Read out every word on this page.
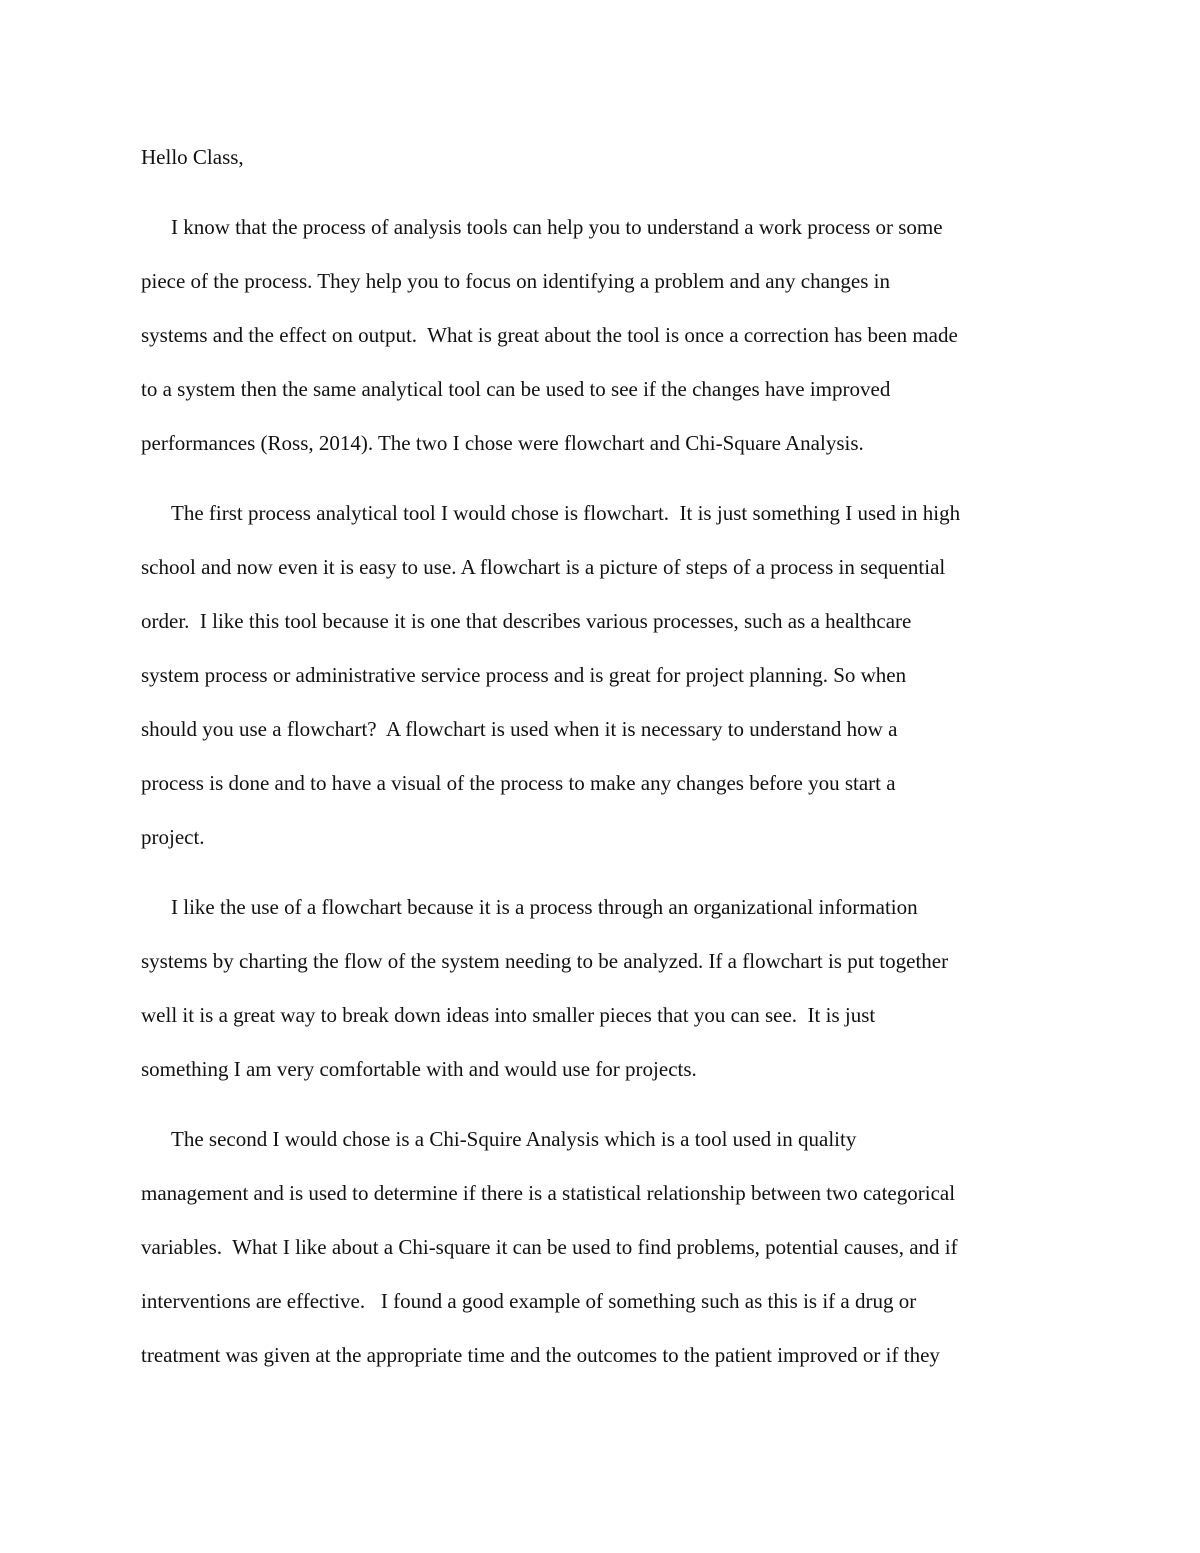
Hello Class,
I know that the process of analysis tools can help you to understand a work process or some
piece of the process. They help you to focus on identifying a problem and any changes in
systems and the effect on output.  What is great about the tool is once a correction has been made
to a system then the same analytical tool can be used to see if the changes have improved
performances (Ross, 2014). The two I chose were flowchart and Chi-Square Analysis.
The first process analytical tool I would chose is flowchart.  It is just something I used in high
school and now even it is easy to use. A flowchart is a picture of steps of a process in sequential
order.  I like this tool because it is one that describes various processes, such as a healthcare
system process or administrative service process and is great for project planning. So when
should you use a flowchart?  A flowchart is used when it is necessary to understand how a
process is done and to have a visual of the process to make any changes before you start a
project.
I like the use of a flowchart because it is a process through an organizational information
systems by charting the flow of the system needing to be analyzed. If a flowchart is put together
well it is a great way to break down ideas into smaller pieces that you can see.  It is just
something I am very comfortable with and would use for projects.
The second I would chose is a Chi-Squire Analysis which is a tool used in quality
management and is used to determine if there is a statistical relationship between two categorical
variables.  What I like about a Chi-square it can be used to find problems, potential causes, and if
interventions are effective.   I found a good example of something such as this is if a drug or
treatment was given at the appropriate time and the outcomes to the patient improved or if they
